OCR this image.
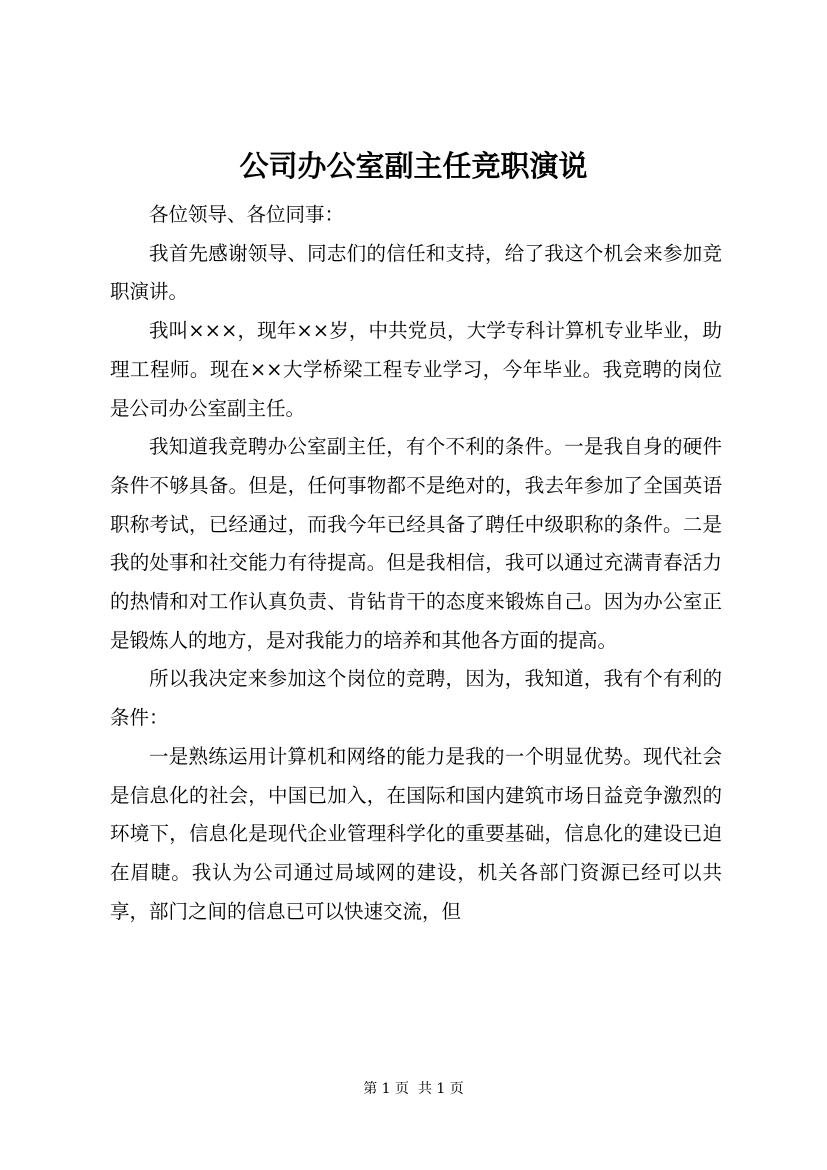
公司办公室副主任竞职演说

各位领导、各位同事：

我首先感谢领导、同志们的信任和支持，给了我这个机会来参加竞职演讲。

我叫×××，现年××岁，中共党员，大学专科计算机专业毕业，助理工程师。现在××大学桥梁工程专业学习，今年毕业。我竞聘的岗位是公司办公室副主任。

我知道我竞聘办公室副主任，有个不利的条件。一是我自身的硬件条件不够具备。但是，任何事物都不是绝对的，我去年参加了全国英语职称考试，已经通过，而我今年已经具备了聘任中级职称的条件。二是我的处事和社交能力有待提高。但是我相信，我可以通过充满青春活力的热情和对工作认真负责、肯钻肯干的态度来锻炼自己。因为办公室正是锻炼人的地方，是对我能力的培养和其他各方面的提高。

所以我决定来参加这个岗位的竞聘，因为，我知道，我有个有利的条件：

一是熟练运用计算机和网络的能力是我的一个明显优势。现代社会是信息化的社会，中国已加入，在国际和国内建筑市场日益竞争激烈的环境下，信息化是现代企业管理科学化的重要基础，信息化的建设已迫在眉睫。我认为公司通过局域网的建设，机关各部门资源已经可以共享，部门之间的信息已可以快速交流，但

第 1 页  共 1 页
